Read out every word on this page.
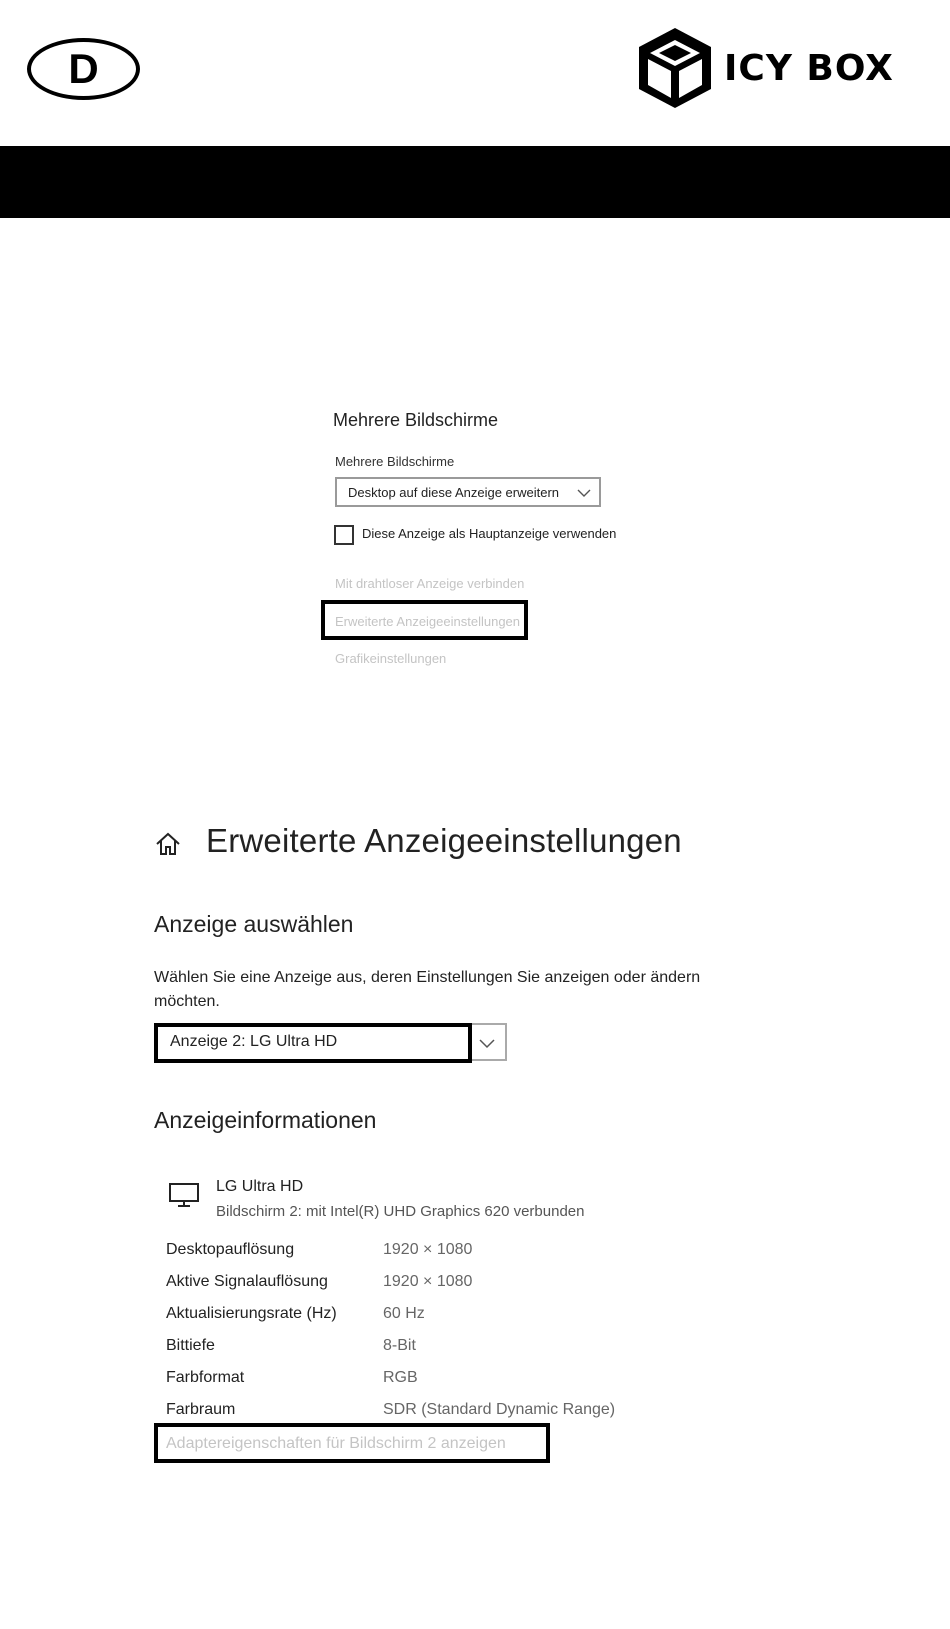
D	ICY BOX
Mehrere Bildschirme
Mehrere Bildschirme
Desktop auf diese Anzeige erweitern
Diese Anzeige als Hauptanzeige verwenden
Mit drahtloser Anzeige verbinden
Erweiterte Anzeigeeinstellungen
Grafikeinstellungen
Erweiterte Anzeigeeinstellungen
Anzeige auswählen
Wählen Sie eine Anzeige aus, deren Einstellungen Sie anzeigen oder ändern möchten.
Anzeige 2: LG Ultra HD
Anzeigeinformationen
LG Ultra HD
Bildschirm 2: mit Intel(R) UHD Graphics 620 verbunden
Desktopauflösung	1920 × 1080
Aktive Signalauflösung	1920 × 1080
Aktualisierungsrate (Hz)	60 Hz
Bittiefe	8-Bit
Farbformat	RGB
Farbraum	SDR (Standard Dynamic Range)
Adaptereigenschaften für Bildschirm 2 anzeigen
